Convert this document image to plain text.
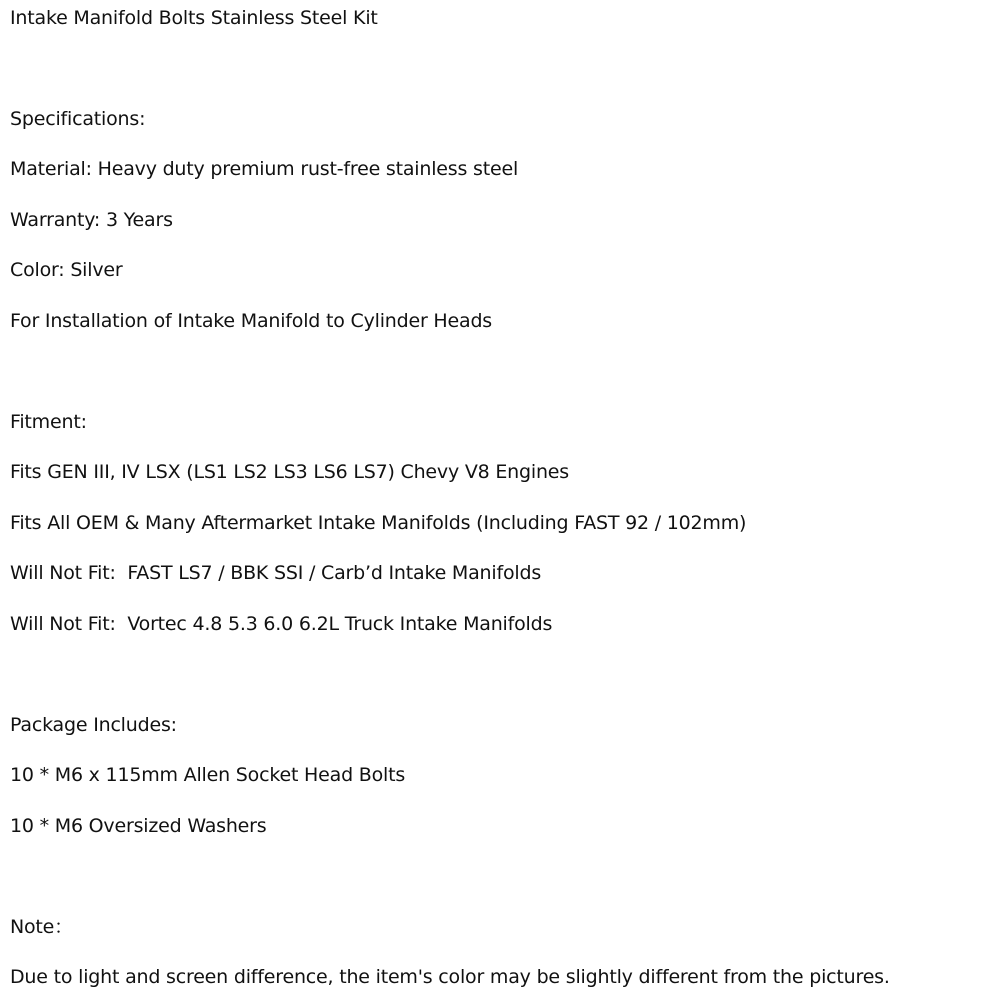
Intake Manifold Bolts Stainless Steel Kit
Specifications:
Material: Heavy duty premium rust-free stainless steel
Warranty: 3 Years
Color: Silver
For Installation of Intake Manifold to Cylinder Heads
Fitment:
Fits GEN III, IV LSX (LS1 LS2 LS3 LS6 LS7) Chevy V8 Engines
Fits All OEM & Many Aftermarket Intake Manifolds (Including FAST 92 / 102mm)
Will Not Fit:  FAST LS7 / BBK SSI / Carb’d Intake Manifolds
Will Not Fit:  Vortec 4.8 5.3 6.0 6.2L Truck Intake Manifolds
Package Includes:
10 * M6 x 115mm Allen Socket Head Bolts
10 * M6 Oversized Washers
Note：
Due to light and screen difference, the item's color may be slightly different from the pictures.
